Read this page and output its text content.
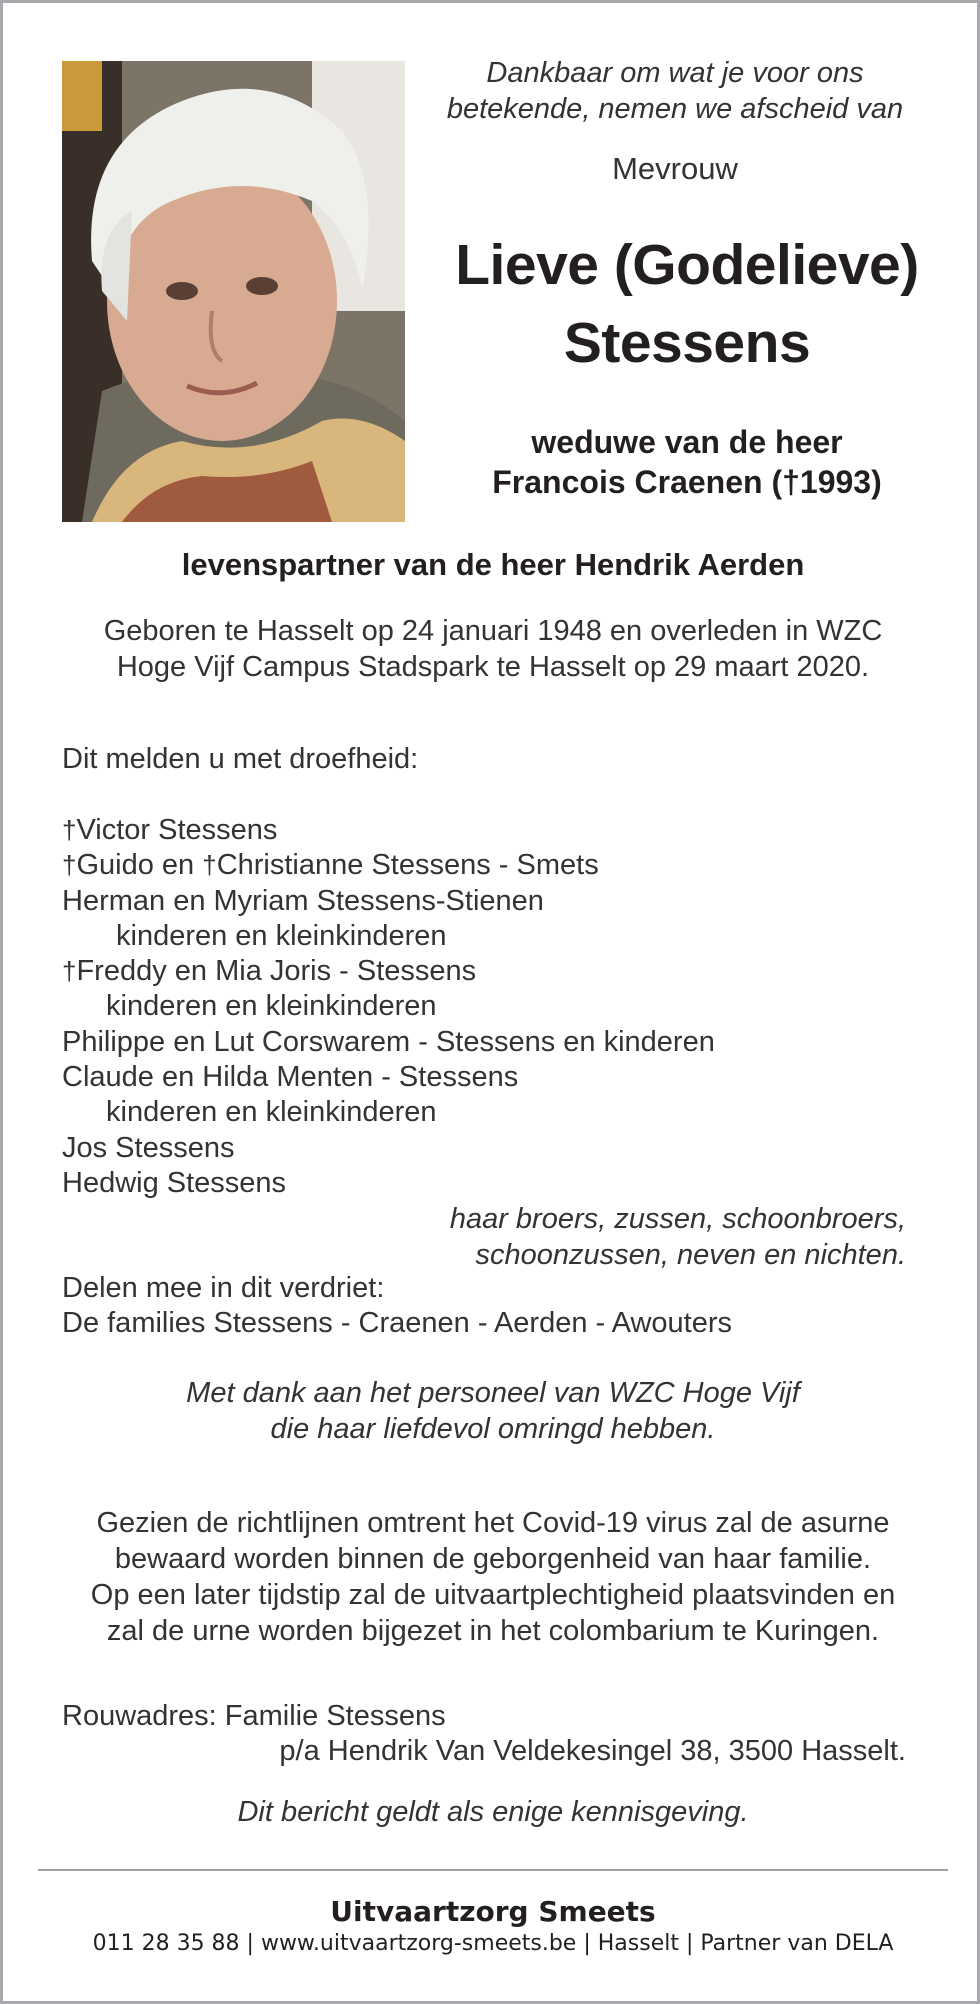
Dankbaar om wat je voor ons
betekende, nemen we afscheid van
Mevrouw
Lieve (Godelieve)
Stessens
weduwe van de heer
Francois Craenen (†1993)
levenspartner van de heer Hendrik Aerden
Geboren te Hasselt op 24 januari 1948 en overleden in WZC
Hoge Vijf Campus Stadspark te Hasselt op 29 maart 2020.
Dit melden u met droefheid:
†Victor Stessens
†Guido en †Christianne Stessens - Smets
Herman en Myriam Stessens-Stienen
kinderen en kleinkinderen
†Freddy en Mia Joris - Stessens
kinderen en kleinkinderen
Philippe en Lut Corswarem - Stessens en kinderen
Claude en Hilda Menten - Stessens
kinderen en kleinkinderen
Jos Stessens
Hedwig Stessens
haar broers, zussen, schoonbroers,
schoonzussen, neven en nichten.
Delen mee in dit verdriet:
De families Stessens - Craenen - Aerden - Awouters
Met dank aan het personeel van WZC Hoge Vijf
die haar liefdevol omringd hebben.
Gezien de richtlijnen omtrent het Covid-19 virus zal de asurne
bewaard worden binnen de geborgenheid van haar familie.
Op een later tijdstip zal de uitvaartplechtigheid plaatsvinden en
zal de urne worden bijgezet in het colombarium te Kuringen.
Rouwadres: Familie Stessens
p/a Hendrik Van Veldekesingel 38, 3500 Hasselt.
Dit bericht geldt als enige kennisgeving.
Uitvaartzorg Smeets
011 28 35 88 | www.uitvaartzorg-smeets.be | Hasselt | Partner van DELA
